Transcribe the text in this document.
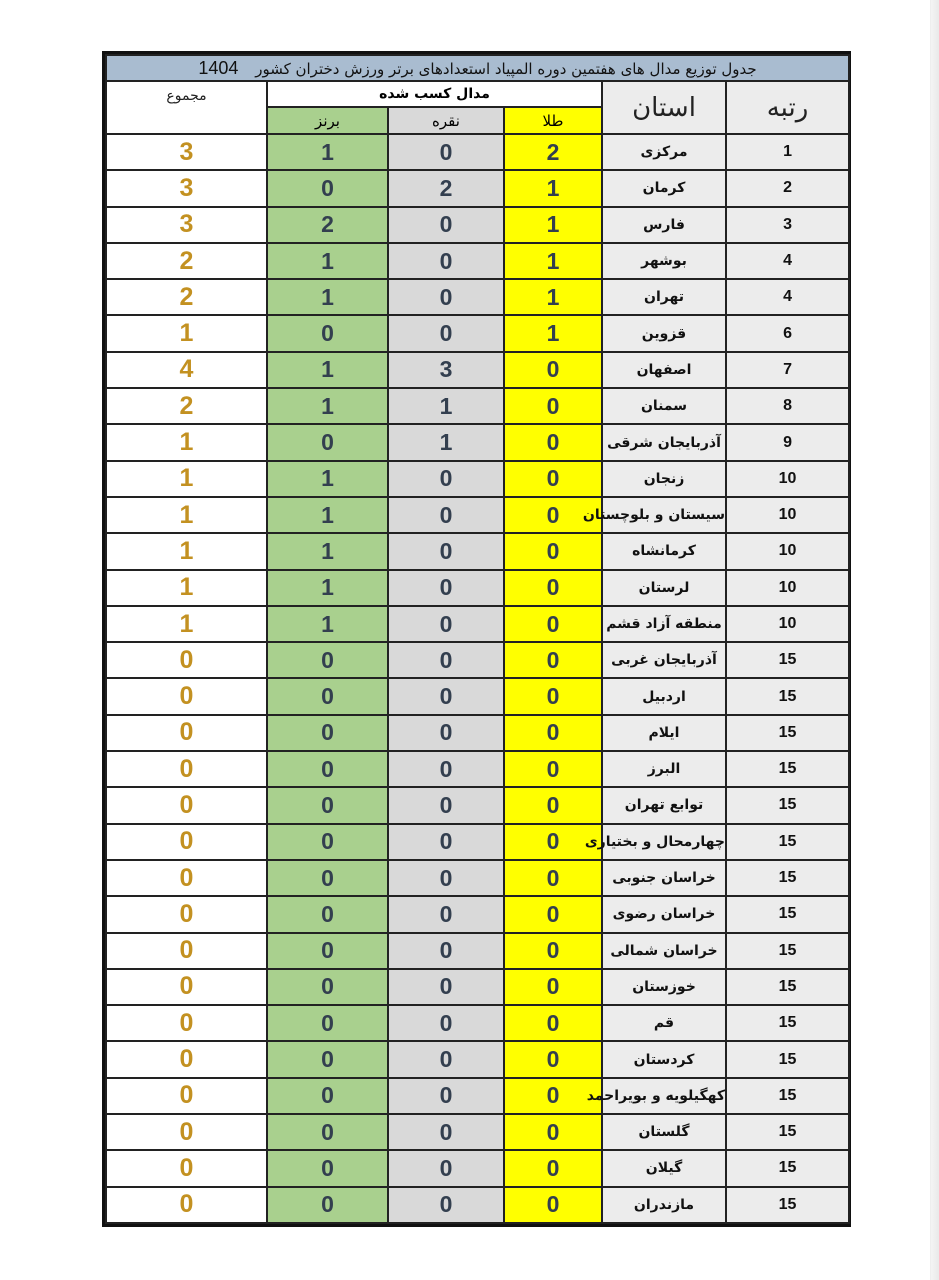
جدول توزیع مدال های هفتمین دوره المپیاد استعدادهای برتر ورزش دختران کشور 1404					
مجموع	مدال کسب شده			استان	رتبه
	برنز	نقره	طلا		
3	1	0	2	مرکزی	1
3	0	2	1	کرمان	2
3	2	0	1	فارس	3
2	1	0	1	بوشهر	4
2	1	0	1	تهران	4
1	0	0	1	قزوین	6
4	1	3	0	اصفهان	7
2	1	1	0	سمنان	8
1	0	1	0	آذربایجان شرقی	9
1	1	0	0	زنجان	10
1	1	0	0	سیستان و بلوچستان	10
1	1	0	0	کرمانشاه	10
1	1	0	0	لرستان	10
1	1	0	0	منطقه آزاد قشم	10
0	0	0	0	آذربایجان غربی	15
0	0	0	0	اردبیل	15
0	0	0	0	ایلام	15
0	0	0	0	البرز	15
0	0	0	0	توابع تهران	15
0	0	0	0	چهارمحال و بختیاری	15
0	0	0	0	خراسان جنوبی	15
0	0	0	0	خراسان رضوی	15
0	0	0	0	خراسان شمالی	15
0	0	0	0	خوزستان	15
0	0	0	0	قم	15
0	0	0	0	کردستان	15
0	0	0	0	کهگیلویه و بویراحمد	15
0	0	0	0	گلستان	15
0	0	0	0	گیلان	15
0	0	0	0	مازندران	15
